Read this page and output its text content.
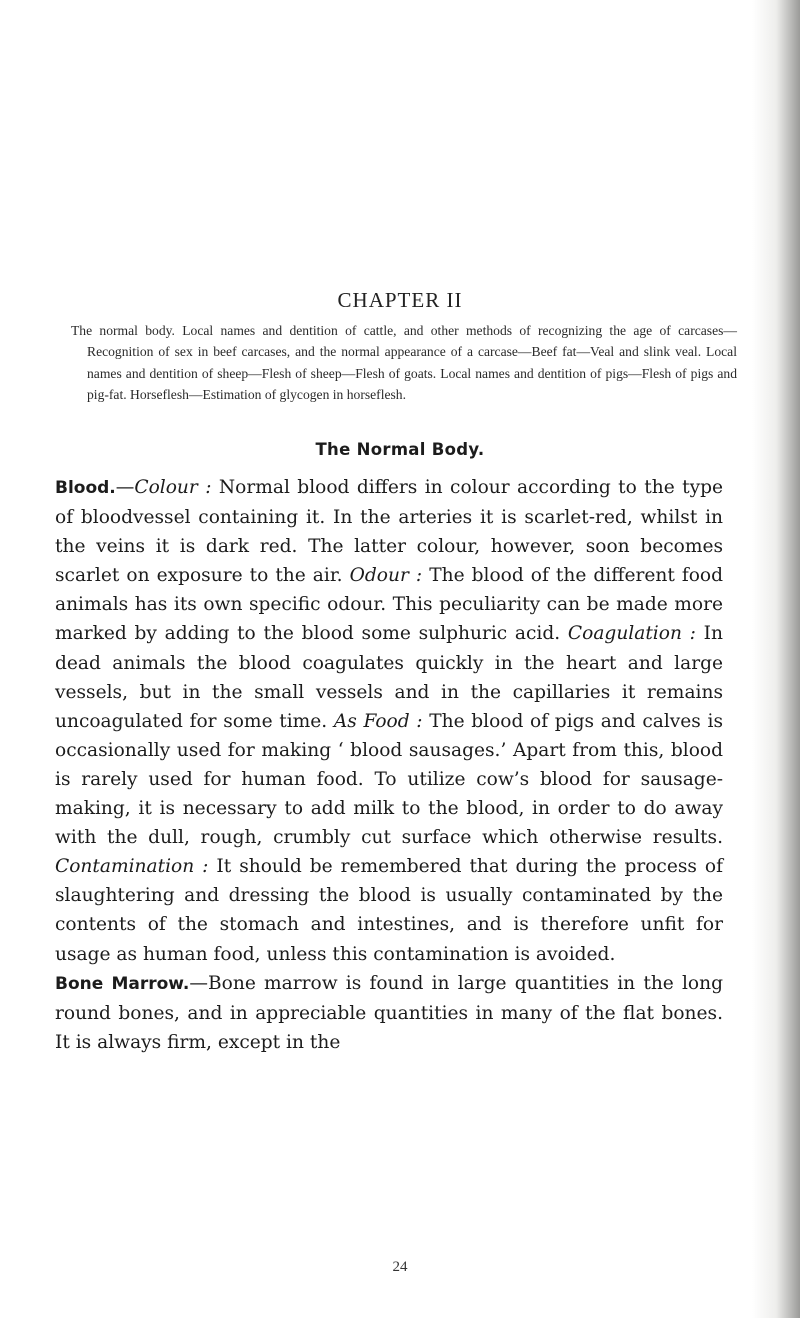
CHAPTER II
The normal body. Local names and dentition of cattle, and other methods of recognizing the age of carcases—Recognition of sex in beef carcases, and the normal appearance of a carcase—Beef fat—Veal and slink veal. Local names and dentition of sheep—Flesh of sheep—Flesh of goats. Local names and dentition of pigs—Flesh of pigs and pig-fat. Horseflesh—Estimation of glycogen in horseflesh.
The Normal Body.

Blood.—Colour : Normal blood differs in colour according to the type of bloodvessel containing it. In the arteries it is scarlet-red, whilst in the veins it is dark red. The latter colour, however, soon becomes scarlet on exposure to the air. Odour : The blood of the different food animals has its own specific odour. This peculiarity can be made more marked by adding to the blood some sulphuric acid. Coagulation : In dead animals the blood coagulates quickly in the heart and large vessels, but in the small vessels and in the capillaries it remains uncoagulated for some time. As Food : The blood of pigs and calves is occasionally used for making ‘ blood sausages.’ Apart from this, blood is rarely used for human food. To utilize cow’s blood for sausage-making, it is necessary to add milk to the blood, in order to do away with the dull, rough, crumbly cut surface which otherwise results. Contamination : It should be remembered that during the process of slaughtering and dressing the blood is usually contaminated by the contents of the stomach and intestines, and is therefore unfit for usage as human food, unless this contamination is avoided.

Bone Marrow.—Bone marrow is found in large quantities in the long round bones, and in appreciable quantities in many of the flat bones. It is always firm, except in the

24
